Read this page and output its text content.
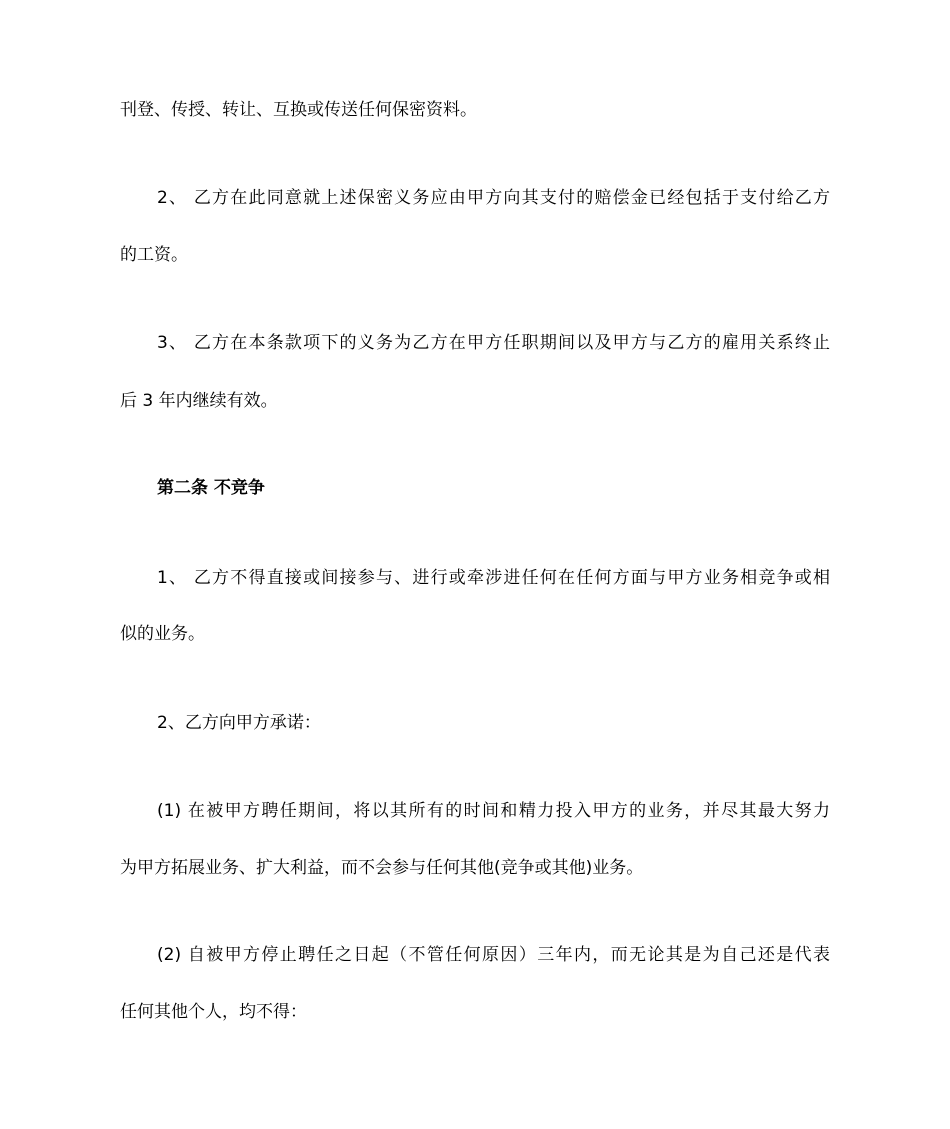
刊登、传授、转让、互换或传送任何保密资料。
2、 乙方在此同意就上述保密义务应由甲方向其支付的赔偿金已经包括于支付给乙方
的工资。
3、 乙方在本条款项下的义务为乙方在甲方任职期间以及甲方与乙方的雇用关系终止
后 3 年内继续有效。
第二条 不竞争
1、 乙方不得直接或间接参与、进行或牵涉进任何在任何方面与甲方业务相竞争或相
似的业务。
2、乙方向甲方承诺：
(1) 在被甲方聘任期间，将以其所有的时间和精力投入甲方的业务，并尽其最大努力
为甲方拓展业务、扩大利益，而不会参与任何其他(竞争或其他)业务。
(2) 自被甲方停止聘任之日起（不管任何原因）三年内，而无论其是为自己还是代表
任何其他个人，均不得：
